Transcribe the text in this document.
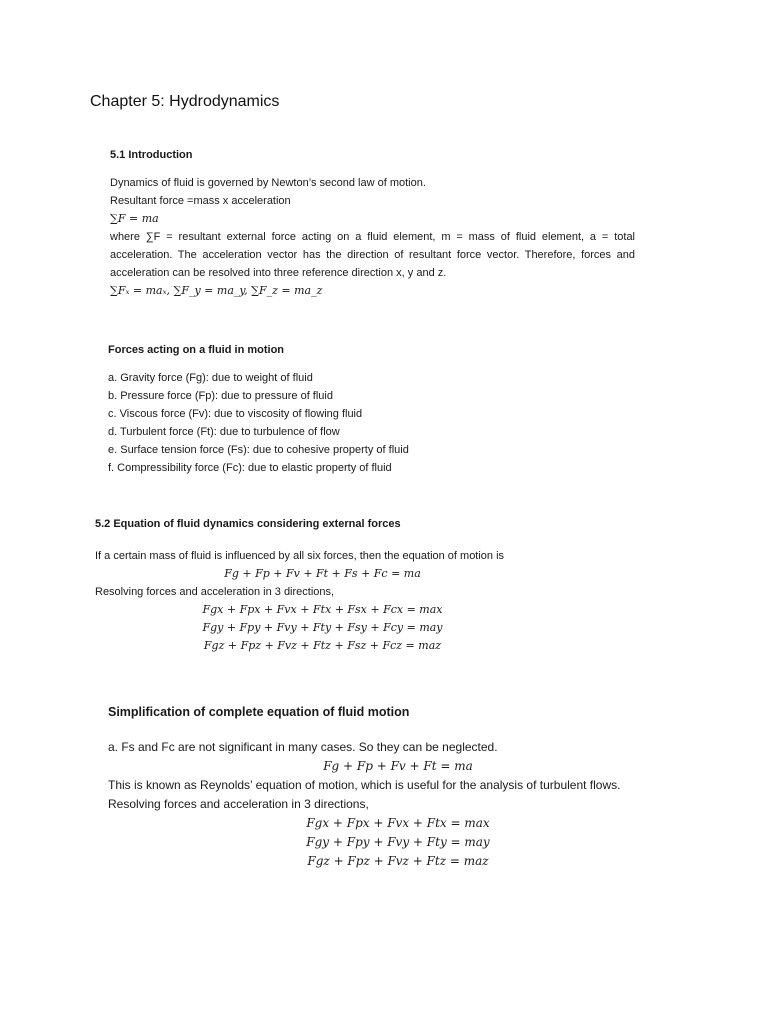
Chapter 5: Hydrodynamics
5.1 Introduction

Dynamics of fluid is governed by Newton’s second law of motion.

Resultant force =mass x acceleration

∑F = ma

where ∑F = resultant external force acting on a fluid element, m = mass of fluid element, a = total acceleration. The acceleration vector has the direction of resultant force vector. Therefore, forces and acceleration can be resolved into three reference direction x, y and z.

∑Fₓ = maₓ, ∑F_y = ma_y, ∑F_z = ma_z

Forces acting on a fluid in motion
a. Gravity force (Fg): due to weight of fluid
b. Pressure force (Fp): due to pressure of fluid
c. Viscous force (Fv): due to viscosity of flowing fluid
d. Turbulent force (Ft): due to turbulence of flow
e. Surface tension force (Fs): due to cohesive property of fluid
f. Compressibility force (Fc): due to elastic property of fluid
5.2 Equation of fluid dynamics considering external forces

If a certain mass of fluid is influenced by all six forces, then the equation of motion is

Fg + Fp + Fv + Ft + Fs + Fc = ma

Resolving forces and acceleration in 3 directions,

Fgx + Fpx + Fvx + Ftx + Fsx + Fcx = max

Fgy + Fpy + Fvy + Fty + Fsy + Fcy = may

Fgz + Fpz + Fvz + Ftz + Fsz + Fcz = maz

Simplification of complete equation of fluid motion

a. Fs and Fc are not significant in many cases. So they can be neglected.

Fg + Fp + Fv + Ft = ma

This is known as Reynolds’ equation of motion, which is useful for the analysis of turbulent flows.

Resolving forces and acceleration in 3 directions,

Fgx + Fpx + Fvx + Ftx = max

Fgy + Fpy + Fvy + Fty = may

Fgz + Fpz + Fvz + Ftz = maz
